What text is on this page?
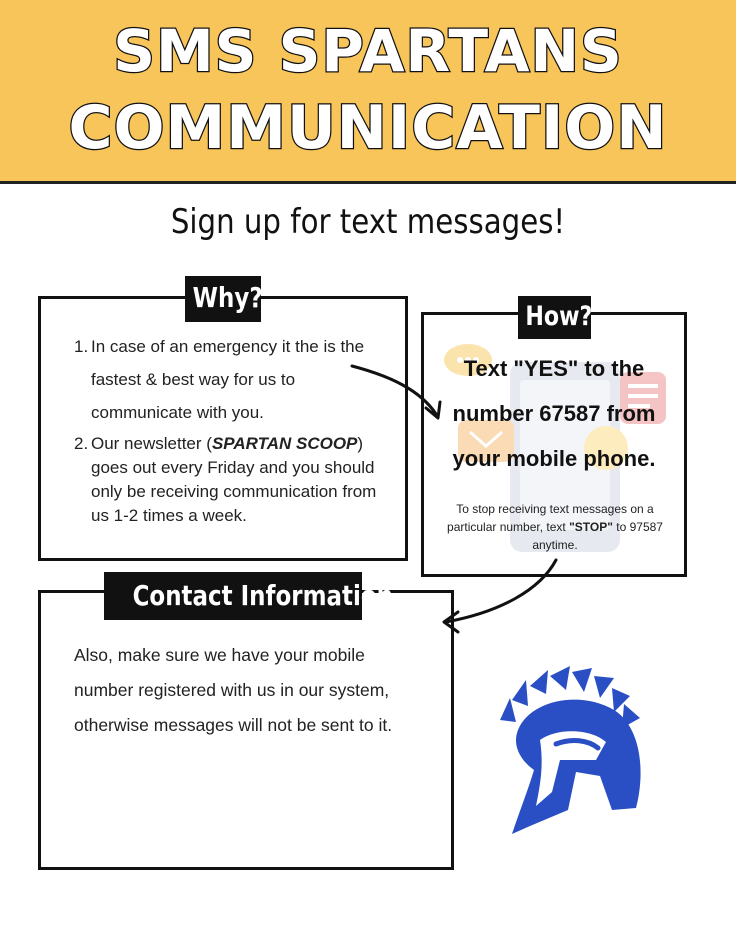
SMS SPARTANS
COMMUNICATION
Sign up for text messages!
Why?
1. In case of an emergency it the is the fastest & best way for us to communicate with you.
2. Our newsletter (SPARTAN SCOOP) goes out every Friday and you should only be receiving communication from us 1-2 times a week.
How?
Text "YES" to the number 67587 from your mobile phone.
To stop receiving text messages on a particular number, text "STOP" to 97587 anytime.
Contact Information
Also, make sure we have your mobile number registered with us in our system, otherwise messages will not be sent to it.
